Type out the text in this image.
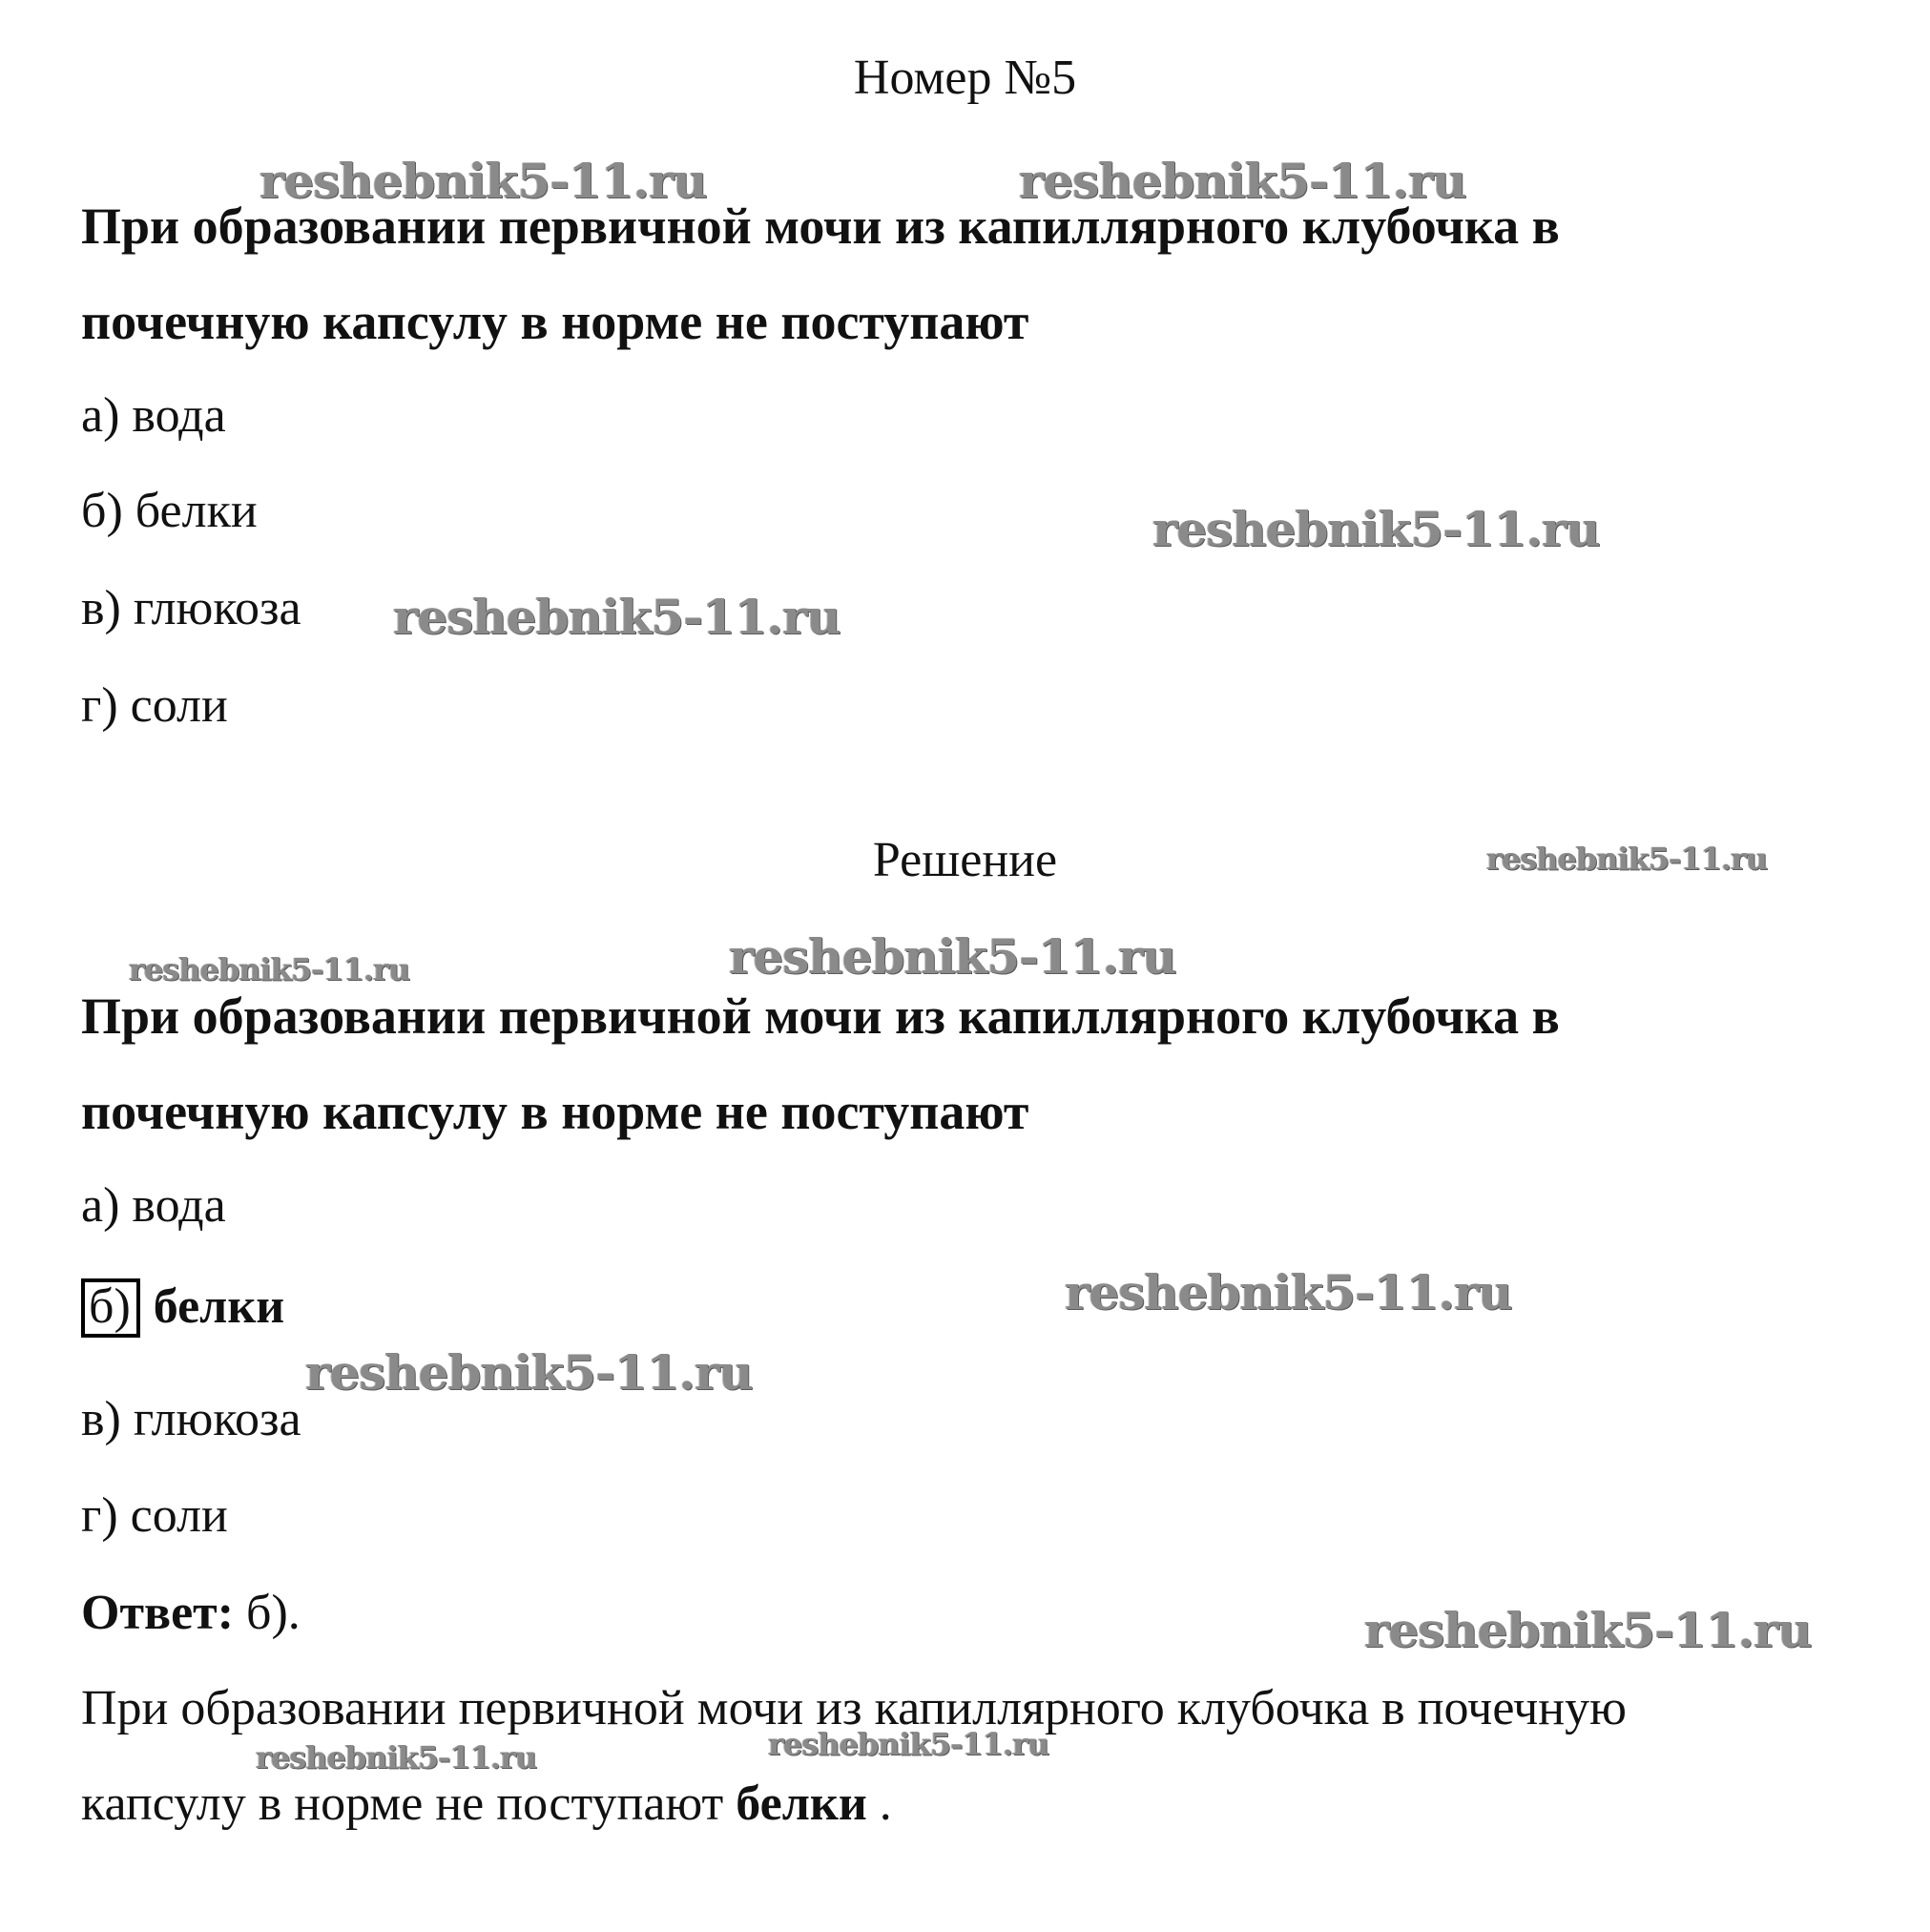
Номер №5
При образовании первичной мочи из капиллярного клубочка в
почечную капсулу в норме не поступают
а) вода
б) белки
в) глюкоза
г) соли
Решение
При образовании первичной мочи из капиллярного клубочка в
почечную капсулу в норме не поступают
а) вода
б) белки
в) глюкоза
г) соли
Ответ: б).
При образовании первичной мочи из капиллярного клубочка в почечную
капсулу в норме не поступают белки .
reshebnik5-11.ru	reshebnik5-11.ru
reshebnik5-11.ru
reshebnik5-11.ru
reshebnik5-11.ru
reshebnik5-11.ru	reshebnik5-11.ru
reshebnik5-11.ru
reshebnik5-11.ru
reshebnik5-11.ru
reshebnik5-11.ru	reshebnik5-11.ru
